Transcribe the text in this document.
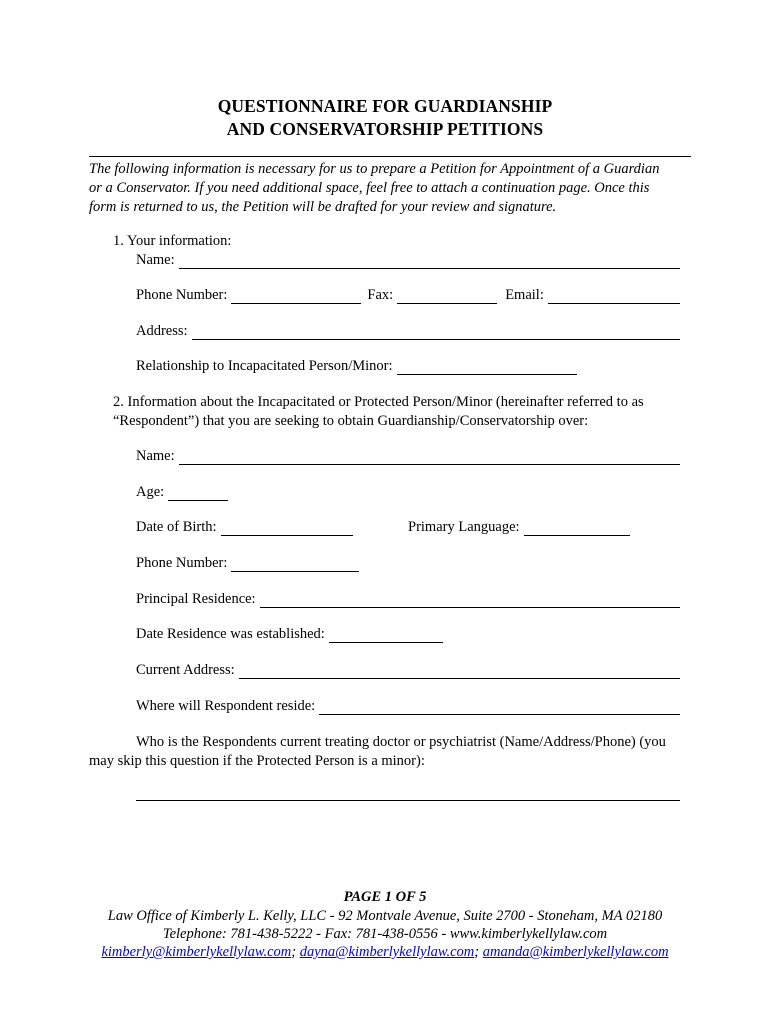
QUESTIONNAIRE FOR GUARDIANSHIP
AND CONSERVATORSHIP PETITIONS
The following information is necessary for us to prepare a Petition for Appointment of a Guardian
or a Conservator. If you need additional space, feel free to attach a continuation page. Once this
form is returned to us, the Petition will be drafted for your review and signature.
1. Your information:
Name:
Phone Number:	Fax:	Email:
Address:
Relationship to Incapacitated Person/Minor:
2. Information about the Incapacitated or Protected Person/Minor (hereinafter referred to as
“Respondent”) that you are seeking to obtain Guardianship/Conservatorship over:
Name:
Age:
Date of Birth:	Primary Language:
Phone Number:
Principal Residence:
Date Residence was established:
Current Address:
Where will Respondent reside:
Who is the Respondents current treating doctor or psychiatrist (Name/Address/Phone) (you
may skip this question if the Protected Person is a minor):
PAGE 1 OF 5
Law Office of Kimberly L. Kelly, LLC - 92 Montvale Avenue, Suite 2700 - Stoneham, MA 02180
Telephone: 781-438-5222 - Fax: 781-438-0556 - www.kimberlykellylaw.com
kimberly@kimberlykellylaw.com; dayna@kimberlykellylaw.com; amanda@kimberlykellylaw.com
